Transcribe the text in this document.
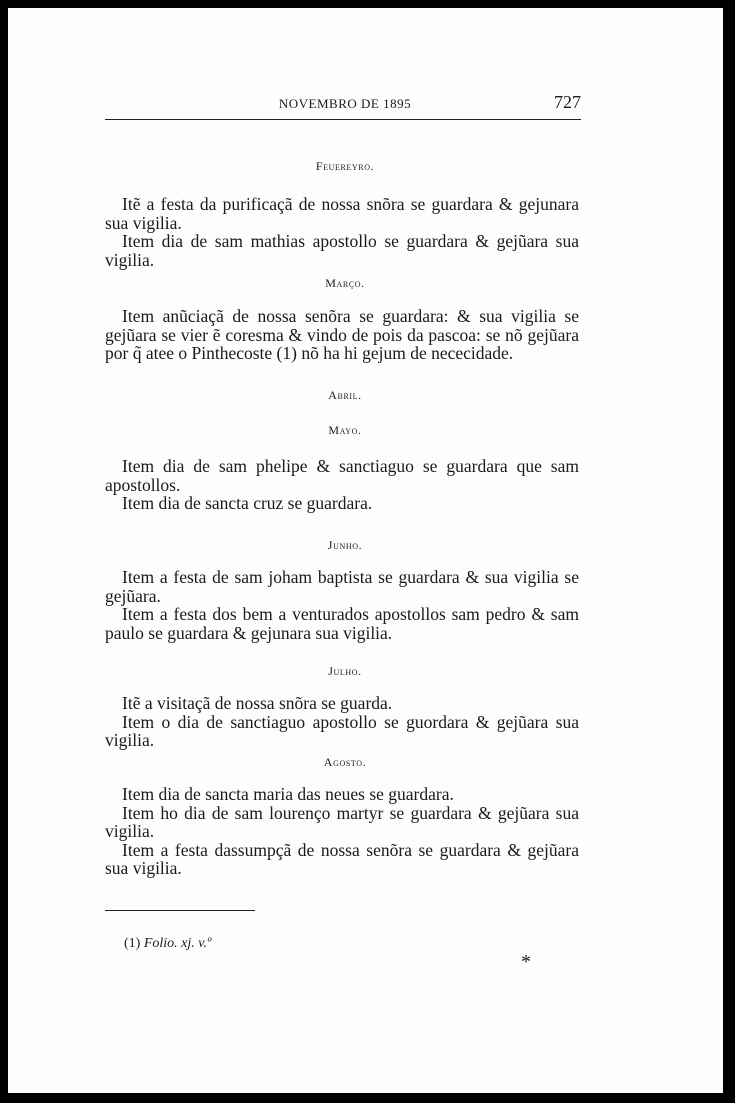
NOVEMBRO DE 1895	727
Feuereyro.

Itẽ a festa da purificaçã de nossa snõra se guardara & gejunara sua vigilia.

Item dia de sam mathias apostollo se guardara & gejũara sua vigilia.

Março.

Item anũciaçã de nossa senõra se guardara: & sua vigilia se gejũara se vier ẽ coresma & vindo de pois da pascoa: se nõ gejũara por q̃ atee o Pinthecoste (1) nõ ha hi gejum de nececidade.

Abril.
Mayo.

Item dia de sam phelipe & sanctiaguo se guardara que sam apostollos.

Item dia de sancta cruz se guardara.

Junho.

Item a festa de sam joham baptista se guardara & sua vigilia se gejũara.

Item a festa dos bem a venturados apostollos sam pedro & sam paulo se guardara & gejunara sua vigilia.

Julho.

Itẽ a visitaçã de nossa snõra se guarda.

Item o dia de sanctiaguo apostollo se guordara & gejũara sua vigilia.

Agosto.

Item dia de sancta maria das neues se guardara.

Item ho dia de sam lourenço martyr se guardara & gejũara sua vigilia.

Item a festa dassumpçã de nossa senõra se guardara & gejũara sua vigilia.

(1) Folio. xj. v.º
*
